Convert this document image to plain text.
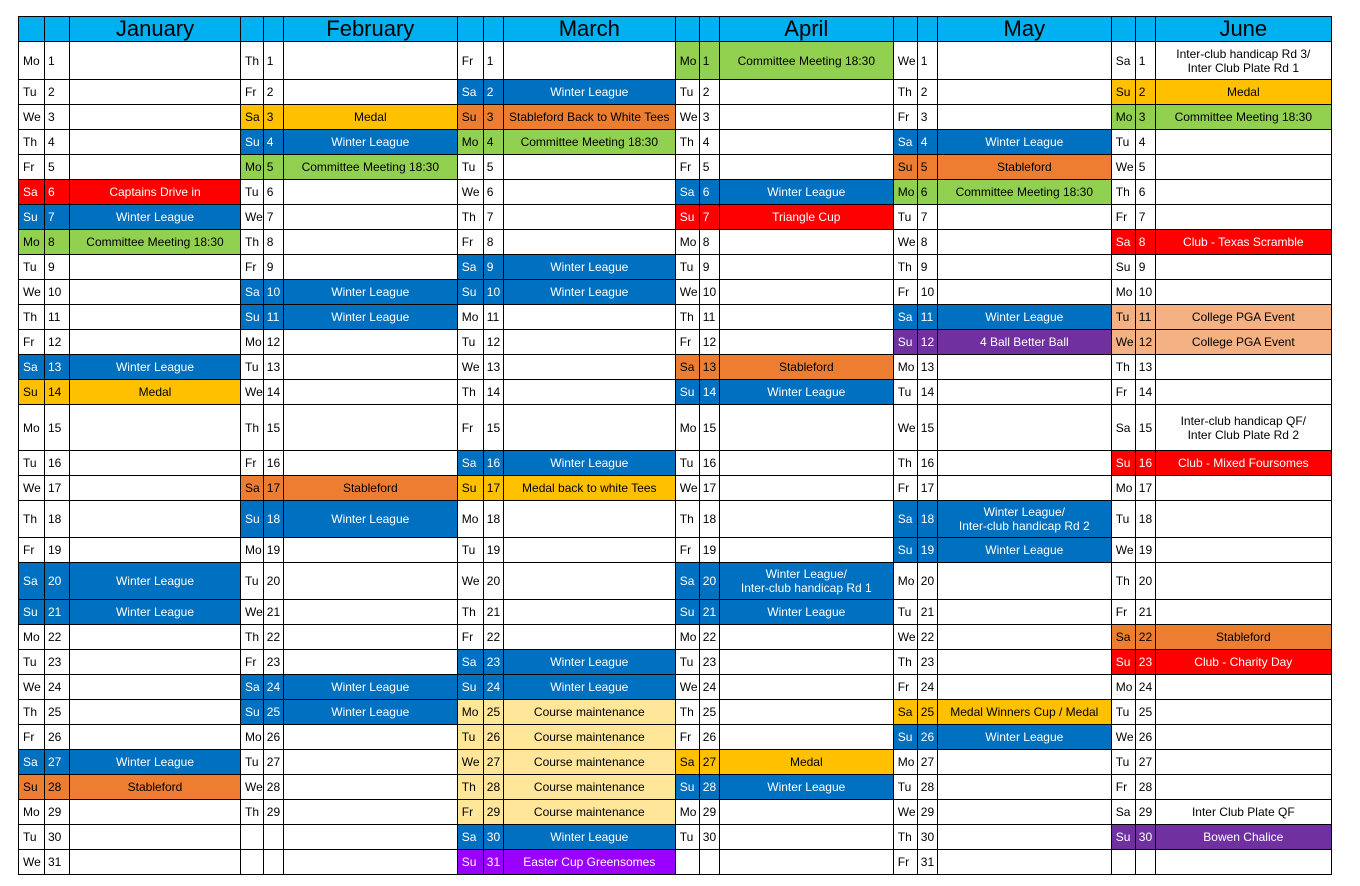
		January			February			March			April			May			June
Mo	1		Th	1		Fr	1		Mo	1	Committee Meeting 18:30	We	1		Sa	1	Inter-club handicap Rd 3/
Inter Club Plate Rd 1
Tu	2		Fr	2		Sa	2	Winter League	Tu	2		Th	2		Su	2	Medal
We	3		Sa	3	Medal	Su	3	Stableford Back to White Tees	We	3		Fr	3		Mo	3	Committee Meeting 18:30
Th	4		Su	4	Winter League	Mo	4	Committee Meeting 18:30	Th	4		Sa	4	Winter League	Tu	4	
Fr	5		Mo	5	Committee Meeting 18:30	Tu	5		Fr	5		Su	5	Stableford	We	5	
Sa	6	Captains Drive in	Tu	6		We	6		Sa	6	Winter League	Mo	6	Committee Meeting 18:30	Th	6	
Su	7	Winter League	We	7		Th	7		Su	7	Triangle Cup	Tu	7		Fr	7	
Mo	8	Committee Meeting 18:30	Th	8		Fr	8		Mo	8		We	8		Sa	8	Club - Texas Scramble
Tu	9		Fr	9		Sa	9	Winter League	Tu	9		Th	9		Su	9	
We	10		Sa	10	Winter League	Su	10	Winter League	We	10		Fr	10		Mo	10	
Th	11		Su	11	Winter League	Mo	11		Th	11		Sa	11	Winter League	Tu	11	College PGA Event
Fr	12		Mo	12		Tu	12		Fr	12		Su	12	4 Ball Better Ball	We	12	College PGA Event
Sa	13	Winter League	Tu	13		We	13		Sa	13	Stableford	Mo	13		Th	13	
Su	14	Medal	We	14		Th	14		Su	14	Winter League	Tu	14		Fr	14	
Mo	15		Th	15		Fr	15		Mo	15		We	15		Sa	15	Inter-club handicap QF/
Inter Club Plate Rd 2
Tu	16		Fr	16		Sa	16	Winter League	Tu	16		Th	16		Su	16	Club - Mixed Foursomes
We	17		Sa	17	Stableford	Su	17	Medal back to white Tees	We	17		Fr	17		Mo	17	
Th	18		Su	18	Winter League	Mo	18		Th	18		Sa	18	Winter League/
Inter-club handicap Rd 2	Tu	18	
Fr	19		Mo	19		Tu	19		Fr	19		Su	19	Winter League	We	19	
Sa	20	Winter League	Tu	20		We	20		Sa	20	Winter League/
Inter-club handicap Rd 1	Mo	20		Th	20	
Su	21	Winter League	We	21		Th	21		Su	21	Winter League	Tu	21		Fr	21	
Mo	22		Th	22		Fr	22		Mo	22		We	22		Sa	22	Stableford
Tu	23		Fr	23		Sa	23	Winter League	Tu	23		Th	23		Su	23	Club - Charity Day
We	24		Sa	24	Winter League	Su	24	Winter League	We	24		Fr	24		Mo	24	
Th	25		Su	25	Winter League	Mo	25	Course maintenance	Th	25		Sa	25	Medal Winners Cup / Medal	Tu	25	
Fr	26		Mo	26		Tu	26	Course maintenance	Fr	26		Su	26	Winter League	We	26	
Sa	27	Winter League	Tu	27		We	27	Course maintenance	Sa	27	Medal	Mo	27		Tu	27	
Su	28	Stableford	We	28		Th	28	Course maintenance	Su	28	Winter League	Tu	28		Fr	28	
Mo	29		Th	29		Fr	29	Course maintenance	Mo	29		We	29		Sa	29	Inter Club Plate QF
Tu	30					Sa	30	Winter League	Tu	30		Th	30		Su	30	Bowen Chalice
We	31					Su	31	Easter Cup Greensomes				Fr	31				
